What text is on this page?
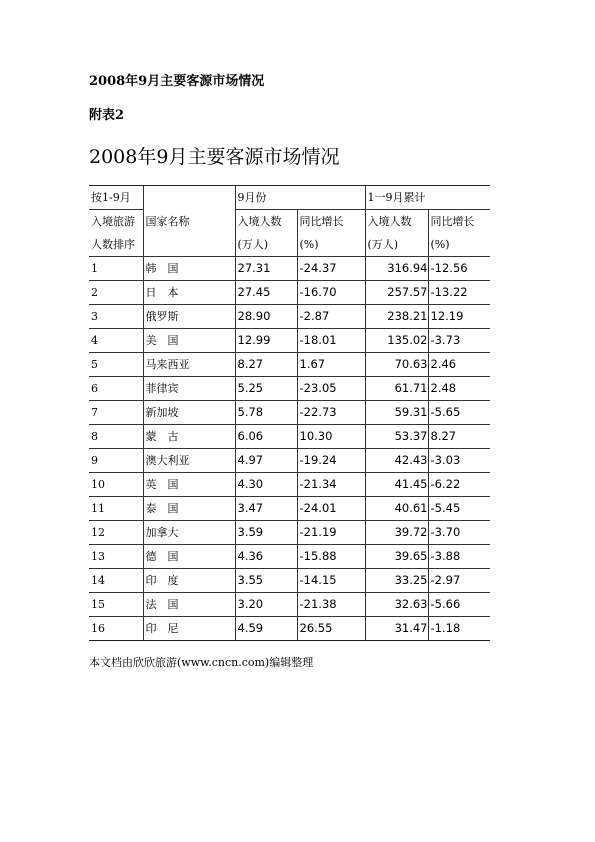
2008年9月主要客源市场情况
附表2
2008年9月主要客源市场情况
按1-9月		9月份		1一9月累计	
入境旅游	国家名称	入境人数	同比增长	入境人数	同比增长
人数排序		(万人)	(%)	(万人)	(%)
1	韩　国	27.31	-24.37	316.94	-12.56
2	日　本	27.45	-16.70	257.57	-13.22
3	俄罗斯	28.90	-2.87	238.21	12.19
4	美　国	12.99	-18.01	135.02	-3.73
5	马来西亚	8.27	1.67	70.63	2.46
6	菲律宾	5.25	-23.05	61.71	2.48
7	新加坡	5.78	-22.73	59.31	-5.65
8	蒙　古	6.06	10.30	53.37	8.27
9	澳大利亚	4.97	-19.24	42.43	-3.03
10	英　国	4.30	-21.34	41.45	-6.22
11	泰　国	3.47	-24.01	40.61	-5.45
12	加拿大	3.59	-21.19	39.72	-3.70
13	德　国	4.36	-15.88	39.65	-3.88
14	印　度	3.55	-14.15	33.25	-2.97
15	法　国	3.20	-21.38	32.63	-5.66
16	印　尼	4.59	26.55	31.47	-1.18
本文档由欣欣旅游(www.cncn.com)编辑整理
